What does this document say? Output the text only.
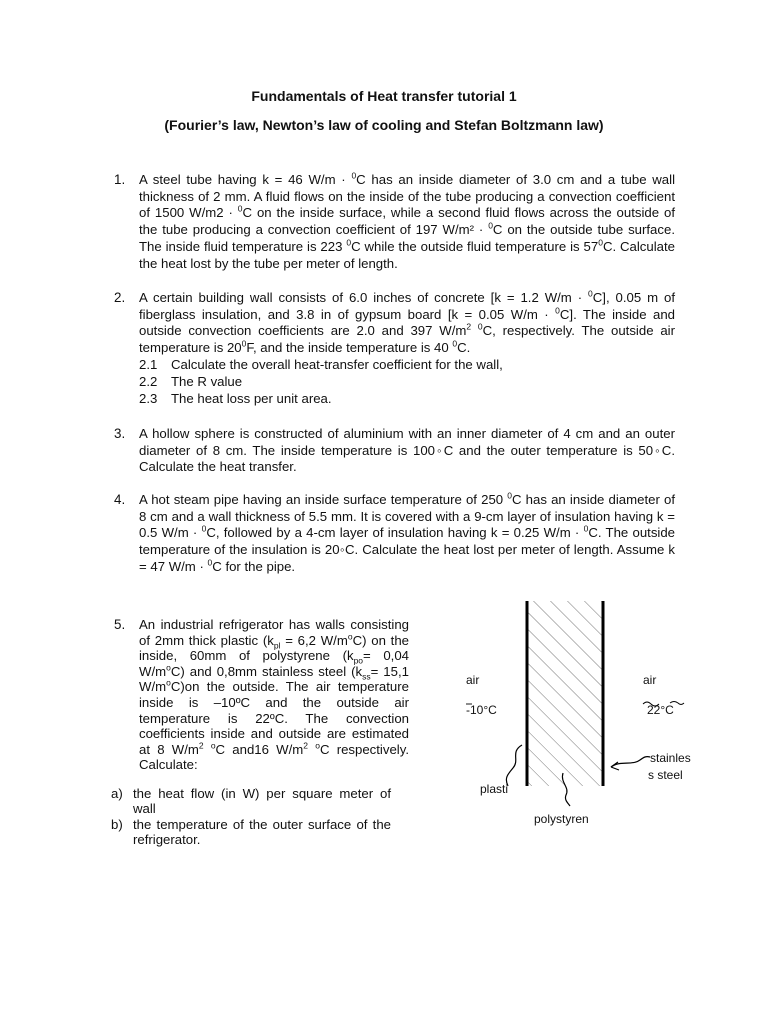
Fundamentals of Heat transfer tutorial 1
(Fourier’s law, Newton’s law of cooling and Stefan Boltzmann law)
1. A steel tube having k = 46 W/m · $^0$C has an inside diameter of 3.0 cm and a tube wall thickness of 2 mm. A fluid flows on the inside of the tube producing a convection coefficient of 1500 W/m2 · $^0$C on the inside surface, while a second fluid flows across the outside of the tube producing a convection coefficient of 197 W/m² · $^0$C on the outside tube surface. The inside fluid temperature is 223 $^0$C while the outside fluid temperature is $57^0C$. Calculate the heat lost by the tube per meter of length.
2. A certain building wall consists of 6.0 inches of concrete [k = 1.2 W/m · $^0$C], 0.05 m of fiberglass insulation, and 3.8 in of gypsum board [k = 0.05 W/m · $^0$C]. The inside and outside convection coefficients are 2.0 and 397 $W/m^2$ $^0$C, respectively. The outside air temperature is $20^0F$, and the inside temperature is 40 $^0$C.
2.1 Calculate the overall heat-transfer coefficient for the wall,
2.2 The R value
2.3 The heat loss per unit area.
3. A hollow sphere is constructed of aluminium with an inner diameter of 4 cm and an outer diameter of 8 cm. The inside temperature is 100◦C and the outer temperature is 50◦C. Calculate the heat transfer.
4. A hot steam pipe having an inside surface temperature of 250 $^0$C has an inside diameter of 8 cm and a wall thickness of 5.5 mm. It is covered with a 9-cm layer of insulation having k = 0.5 W/m · $^0$C, followed by a 4-cm layer of insulation having k = 0.25 W/m · $^0$C. The outside temperature of the insulation is 20◦C. Calculate the heat lost per meter of length. Assume k = 47 W/m · $^0$C for the pipe.
5. An industrial refrigerator has walls consisting of 2mm thick plastic ($k_{pl} = 6,2$ $W/m^oC$) on the inside, 60mm of polystyrene ($k_{po}= 0,04$ $W/m^oC$) and 0,8mm stainless steel ($k_{ss}= 15,1$ $W/m^oC)on$ the outside. The air temperature inside is –10ºC and the outside air temperature is 22ºC. The convection coefficients inside and outside are estimated at 8 $W/m^2$ $^o$C and16 $W/m^2$ $^o$C respectively. Calculate:
a) the heat flow (in W) per square meter of wall
b) the temperature of the outer surface of the refrigerator.
air
-10°C
air
22°C
plasti
polystyren
stainles
s steel
